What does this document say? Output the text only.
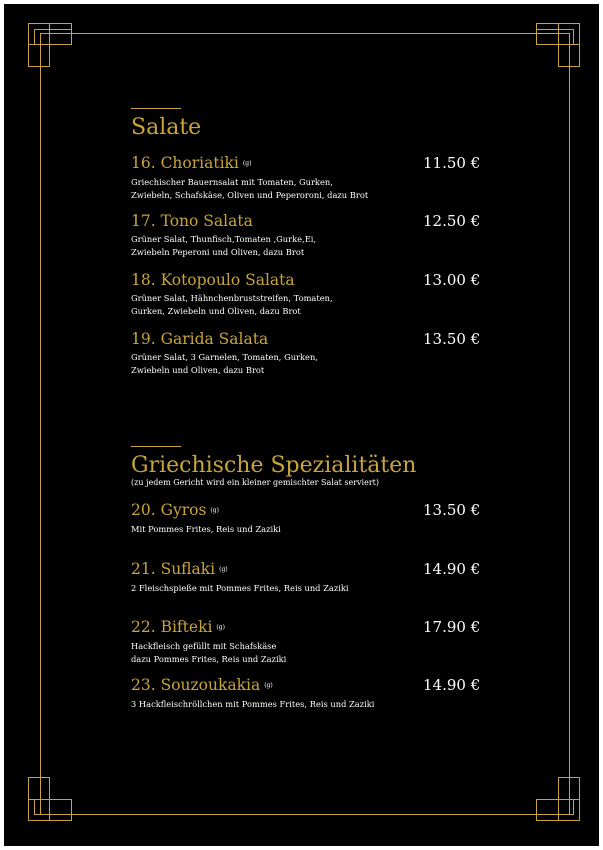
Salate
16. Choriatiki (g)
Griechischer Bauernsalat mit Tomaten, Gurken,
Zwiebeln, Schafskäse, Oliven und Peperoroni, dazu Brot
11.50 €
17. Tono Salata
Grüner Salat, Thunfisch,Tomaten ,Gurke,Ei,
Zwiebeln Peperoni und Oliven, dazu Brot
12.50 €
18. Kotopoulo Salata
Grüner Salat, Hähnchenbruststreifen, Tomaten,
Gurken, Zwiebeln und Oliven, dazu Brot
13.00 €
19. Garida Salata
Grüner Salat, 3 Garnelen, Tomaten, Gurken,
Zwiebeln und Oliven, dazu Brot
13.50 €
Griechische Spezialitäten
(zu jedem Gericht wird ein kleiner gemischter Salat serviert)
20. Gyros (g)
Mit Pommes Frites, Reis und Zaziki
13.50 €
21. Suflaki (g)
2 Fleischspieße mit Pommes Frites, Reis und Zaziki
14.90 €
22. Bifteki (g)
Hackfleisch gefüllt mit Schafskäse
dazu Pommes Frites, Reis und Zaziki
17.90 €
23. Souzoukakia (g)
3 Hackfleischröllchen mit Pommes Frites, Reis und Zaziki
14.90 €
